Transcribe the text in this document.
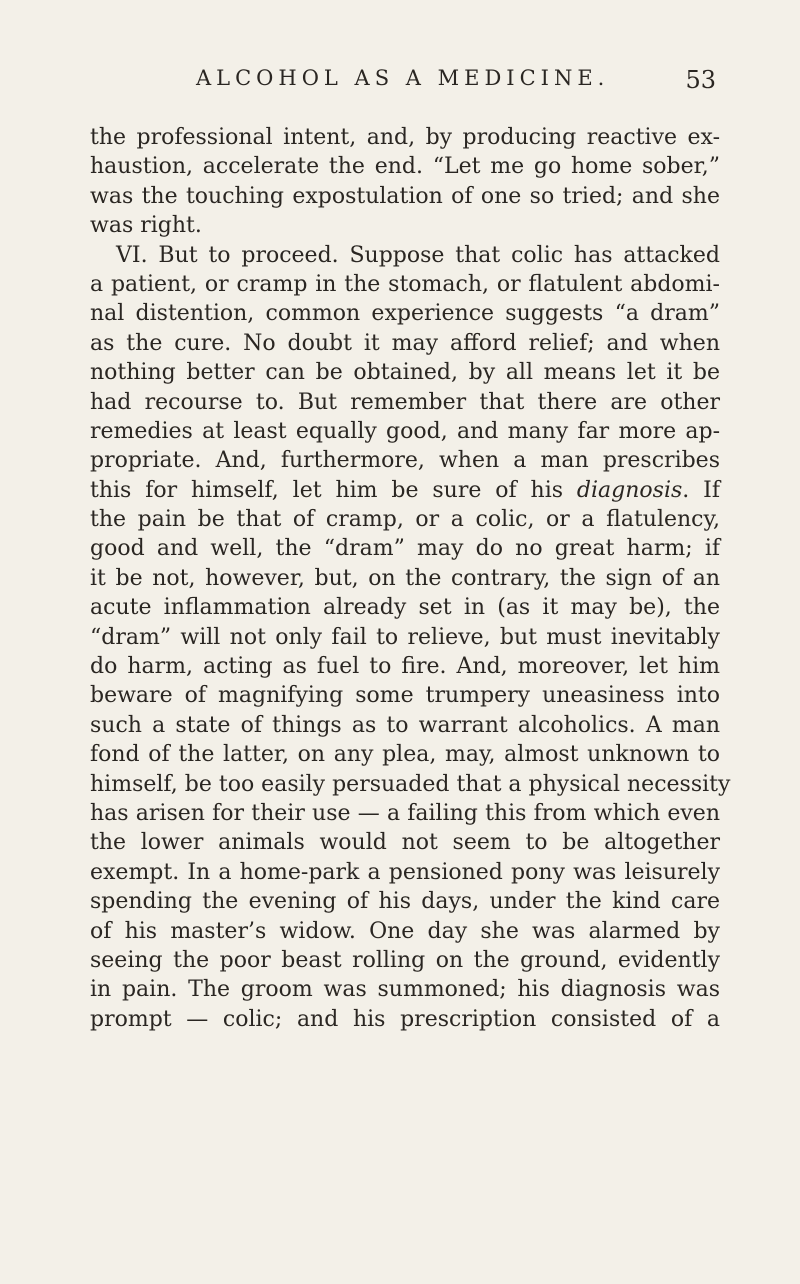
ALCOHOL AS A MEDICINE.	53
the professional intent, and, by producing reactive ex-
haustion, accelerate the end. “Let me go home sober,”
was the touching expostulation of one so tried; and she
was right.
VI. But to proceed. Suppose that colic has attacked
a patient, or cramp in the stomach, or flatulent abdomi-
nal distention, common experience suggests “a dram”
as the cure. No doubt it may afford relief; and when
nothing better can be obtained, by all means let it be
had recourse to. But remember that there are other
remedies at least equally good, and many far more ap-
propriate. And, furthermore, when a man prescribes
this for himself, let him be sure of his diagnosis. If
the pain be that of cramp, or a colic, or a flatulency,
good and well, the “dram” may do no great harm; if
it be not, however, but, on the contrary, the sign of an
acute inflammation already set in (as it may be), the
“dram” will not only fail to relieve, but must inevitably
do harm, acting as fuel to fire. And, moreover, let him
beware of magnifying some trumpery uneasiness into
such a state of things as to warrant alcoholics. A man
fond of the latter, on any plea, may, almost unknown to
himself, be too easily persuaded that a physical necessity
has arisen for their use — a failing this from which even
the lower animals would not seem to be altogether
exempt. In a home-park a pensioned pony was leisurely
spending the evening of his days, under the kind care
of his master’s widow. One day she was alarmed by
seeing the poor beast rolling on the ground, evidently
in pain. The groom was summoned; his diagnosis was
prompt — colic; and his prescription consisted of a
